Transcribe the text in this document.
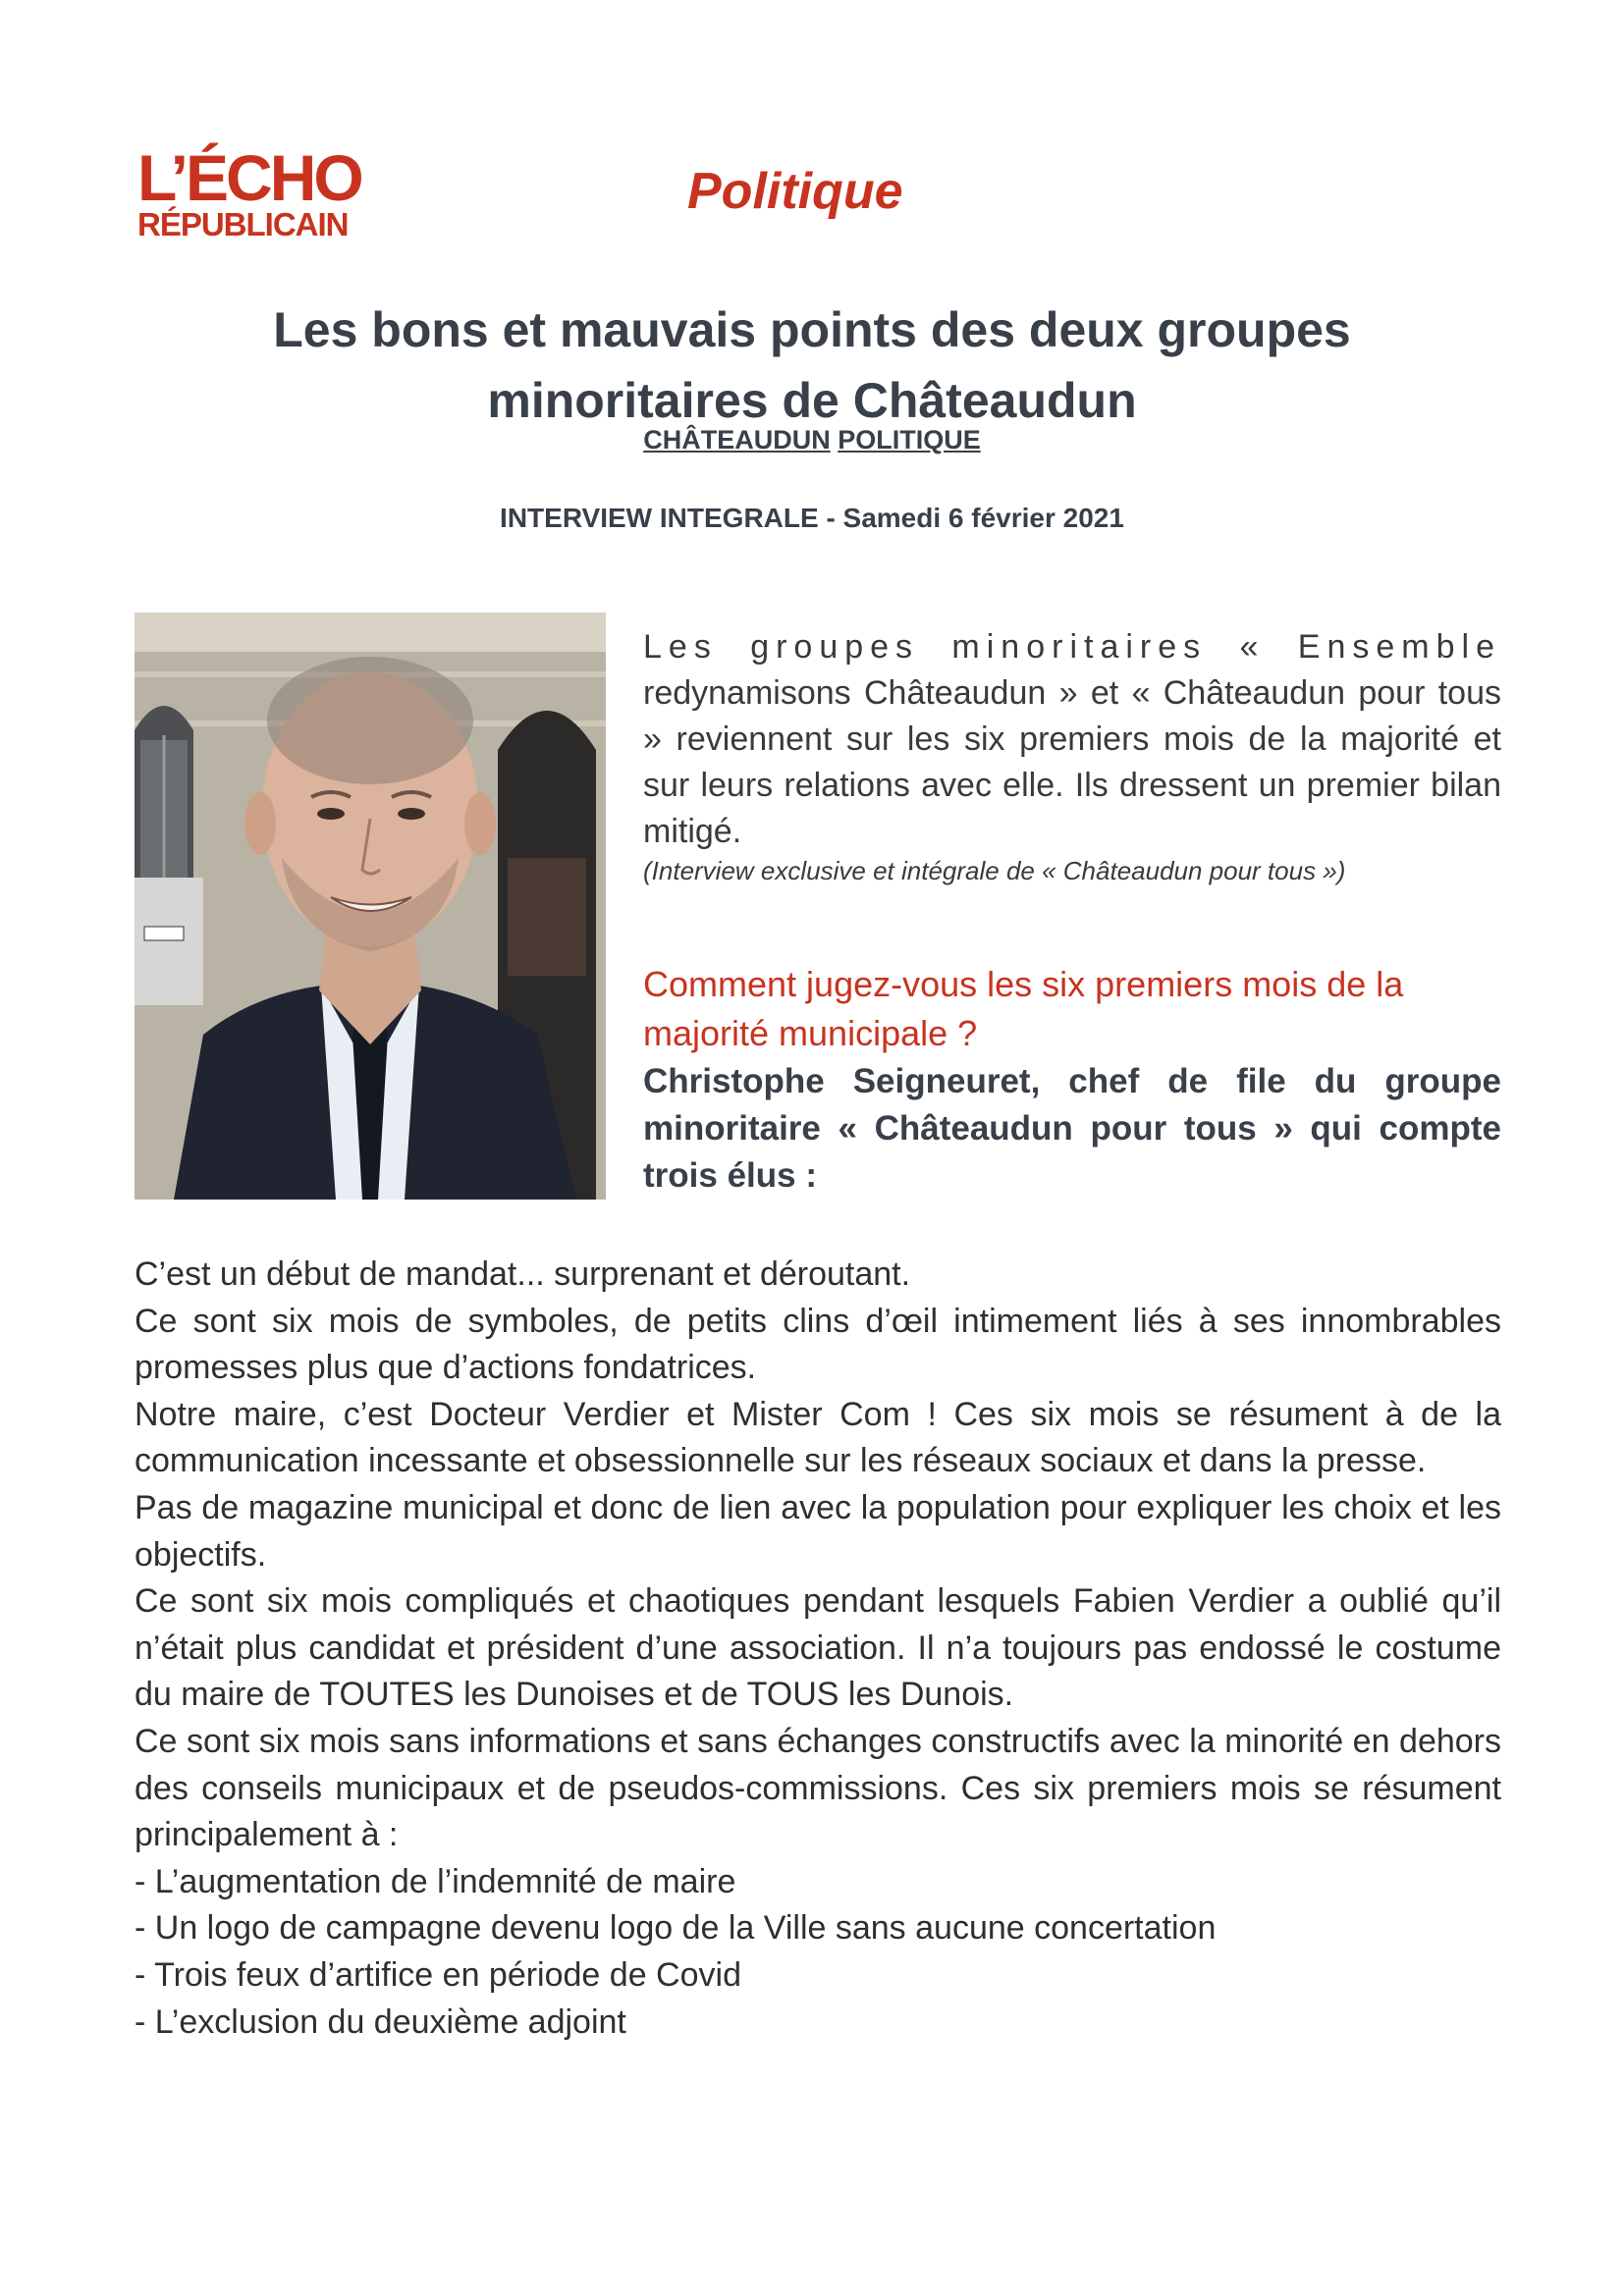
L’ÉCHO
RÉPUBLICAIN
Politique
Les bons et mauvais points des deux groupes
minoritaires de Châteaudun
CHÂTEAUDUN POLITIQUE
INTERVIEW INTEGRALE - Samedi 6 février 2021
Les groupes minoritaires « Ensemble
redynamisons Châteaudun » et « Châteaudun pour tous » reviennent sur les six premiers mois de la majorité et sur leurs relations avec elle. Ils dressent un premier bilan mitigé.
(Interview exclusive et intégrale de « Châteaudun pour tous »)
Comment jugez-vous les six premiers mois de la majorité municipale ?
Christophe Seigneuret, chef de file du groupe minoritaire « Châteaudun pour tous » qui compte trois élus :

C’est un début de mandat... surprenant et déroutant.

Ce sont six mois de symboles, de petits clins d’œil intimement liés à ses innombrables promesses plus que d’actions fondatrices.

Notre maire, c’est Docteur Verdier et Mister Com ! Ces six mois se résument à de la communication incessante et obsessionnelle sur les réseaux sociaux et dans la presse.

Pas de magazine municipal et donc de lien avec la population pour expliquer les choix et les objectifs.

Ce sont six mois compliqués et chaotiques pendant lesquels Fabien Verdier a oublié qu’il n’était plus candidat et président d’une association. Il n’a toujours pas endossé le costume du maire de TOUTES les Dunoises et de TOUS les Dunois.

Ce sont six mois sans informations et sans échanges constructifs avec la minorité en dehors des conseils municipaux et de pseudos-commissions. Ces six premiers mois se résument principalement à :

- L’augmentation de l’indemnité de maire
- Un logo de campagne devenu logo de la Ville sans aucune concertation
- Trois feux d’artifice en période de Covid
- L’exclusion du deuxième adjoint
